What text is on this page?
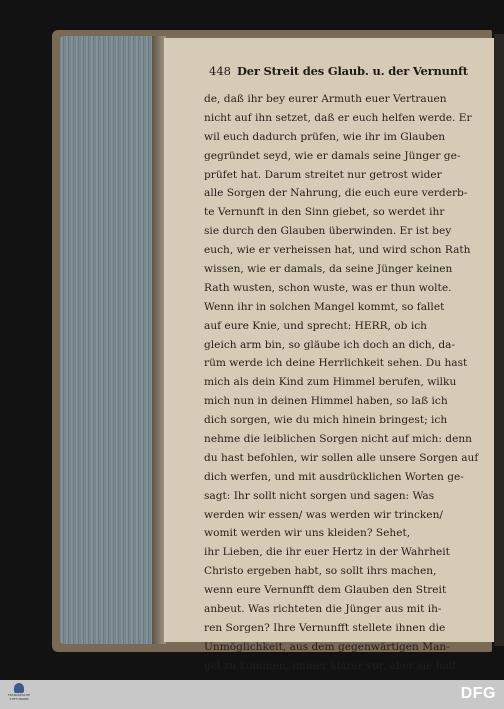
448 Der Streit des Glaub. u. der Vernunft
de, daß ihr bey eurer Armuth euer Vertrauen
nicht auf ihn setzet, daß er euch helfen werde. Er
wil euch dadurch prüfen, wie ihr im Glauben
gegründet seyd, wie er damals seine Jünger ge-
prüfet hat. Darum streitet nur getrost wider
alle Sorgen der Nahrung, die euch eure verderb-
te Vernunft in den Sinn giebet, so werdet ihr
sie durch den Glauben überwinden. Er ist bey
euch, wie er verheissen hat, und wird schon Rath
wissen, wie er damals, da seine Jünger keinen
Rath wusten, schon wuste, was er thun wolte.
Wenn ihr in solchen Mangel kommt, so fallet
auf eure Knie, und sprecht: HERR, ob ich
gleich arm bin, so gläube ich doch an dich, da-
rüm werde ich deine Herrlichkeit sehen. Du hast
mich als dein Kind zum Himmel berufen, wilku
mich nun in deinen Himmel haben, so laß ich
dich sorgen, wie du mich hinein bringest; ich
nehme die leiblichen Sorgen nicht auf mich: denn
du hast befohlen, wir sollen alle unsere Sorgen auf
dich werfen, und mit ausdrücklichen Worten ge-
sagt: Ihr sollt nicht sorgen und sagen: Was
werden wir essen/ was werden wir trincken/
womit werden wir uns kleiden? Sehet,
ihr Lieben, die ihr euer Hertz in der Wahrheit
Christo ergeben habt, so sollt ihrs machen,
wenn eure Vernunfft dem Glauben den Streit
anbeut. Was richteten die Jünger aus mit ih-
ren Sorgen? Ihre Vernunfft stellete ihnen die
Unmöglichkeit, aus dem gegenwärtigen Man-
gel zu kommen, immer klärer vor, aber sie half
FRANCKESCHE STIFTUNGEN	DFG
